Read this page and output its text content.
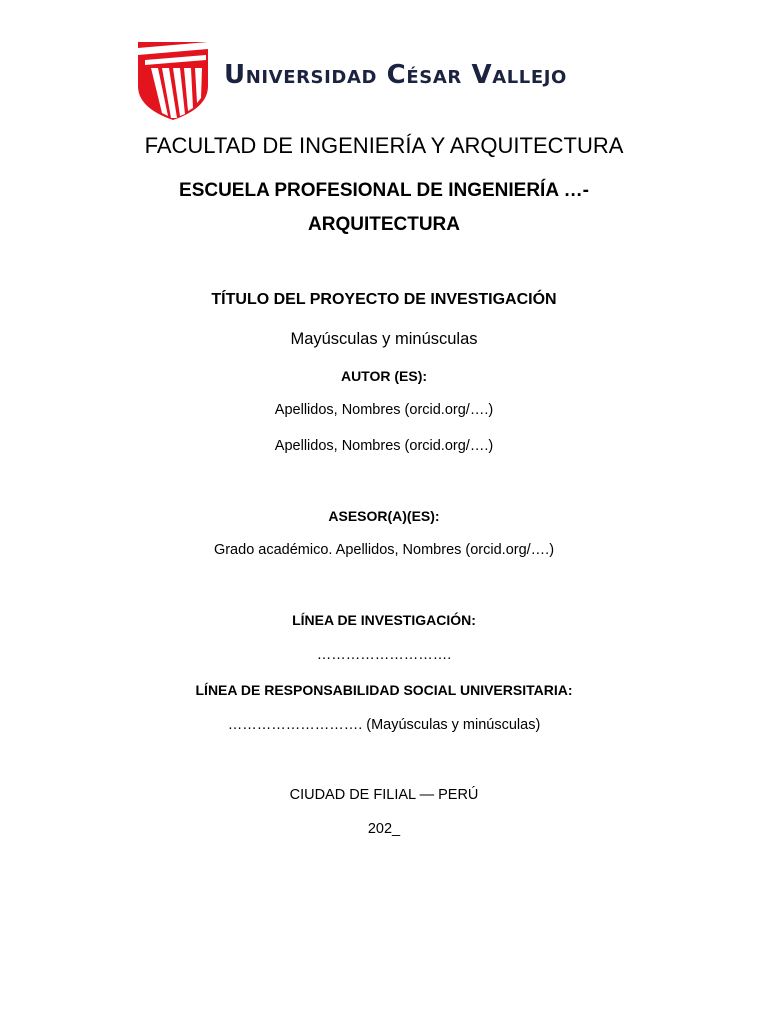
Universidad César Vallejo
FACULTAD DE INGENIERÍA Y ARQUITECTURA
ESCUELA PROFESIONAL DE INGENIERÍA …-
ARQUITECTURA
TÍTULO DEL PROYECTO DE INVESTIGACIÓN
Mayúsculas y minúsculas
AUTOR (ES):
Apellidos, Nombres (orcid.org/….)
Apellidos, Nombres (orcid.org/….)
ASESOR(A)(ES):
Grado académico. Apellidos, Nombres (orcid.org/….)
LÍNEA DE INVESTIGACIÓN:
……………………….
LÍNEA DE RESPONSABILIDAD SOCIAL UNIVERSITARIA:
………………………. (Mayúsculas y minúsculas)
CIUDAD DE FILIAL — PERÚ
202_
